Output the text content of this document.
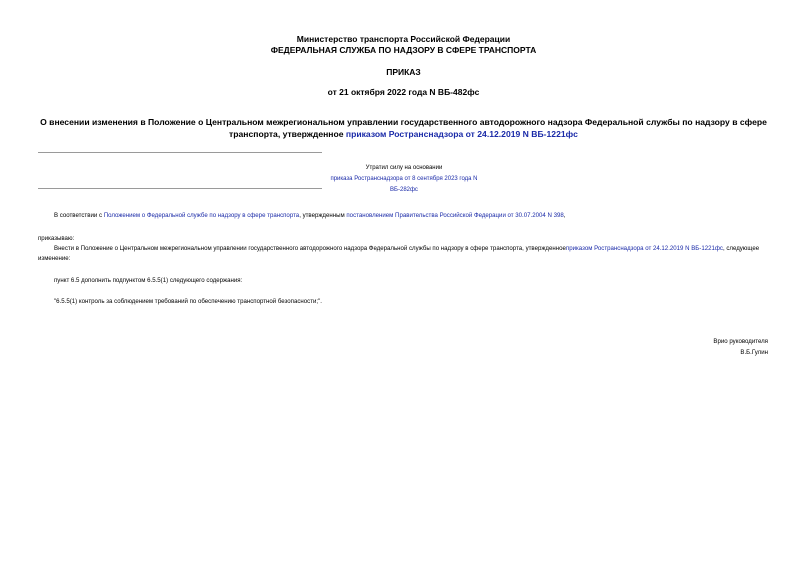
Министерство транспорта Российской Федерации
ФЕДЕРАЛЬНАЯ СЛУЖБА ПО НАДЗОРУ В СФЕРЕ ТРАНСПОРТА
ПРИКАЗ
от 21 октября 2022 года N ВБ-482фс
О внесении изменения в Положение о Центральном межрегиональном управлении государственного автодорожного надзора Федеральной службы по надзору в сфере транспорта, утвержденное приказом Ространснадзора от 24.12.2019 N ВБ-1221фс
Утратил силу на основании
приказа Ространснадзора от 8 сентября 2023 года N ВБ-282фс
В соответствии с Положением о Федеральной службе по надзору в сфере транспорта, утвержденным постановлением Правительства Российской Федерации от 30.07.2004 N 398,
приказываю:
Внести в Положение о Центральном межрегиональном управлении государственного автодорожного надзора Федеральной службы по надзору в сфере транспорта, утвержденноеприказом Ространснадзора от 24.12.2019 N ВБ-1221фс, следующее изменение:
пункт 6.5 дополнить подпунктом 6.5.5(1) следующего содержания:
"6.5.5(1) контроль за соблюдением требований по обеспечению транспортной безопасности;".
Врио руководителя
В.Б.Гулин
